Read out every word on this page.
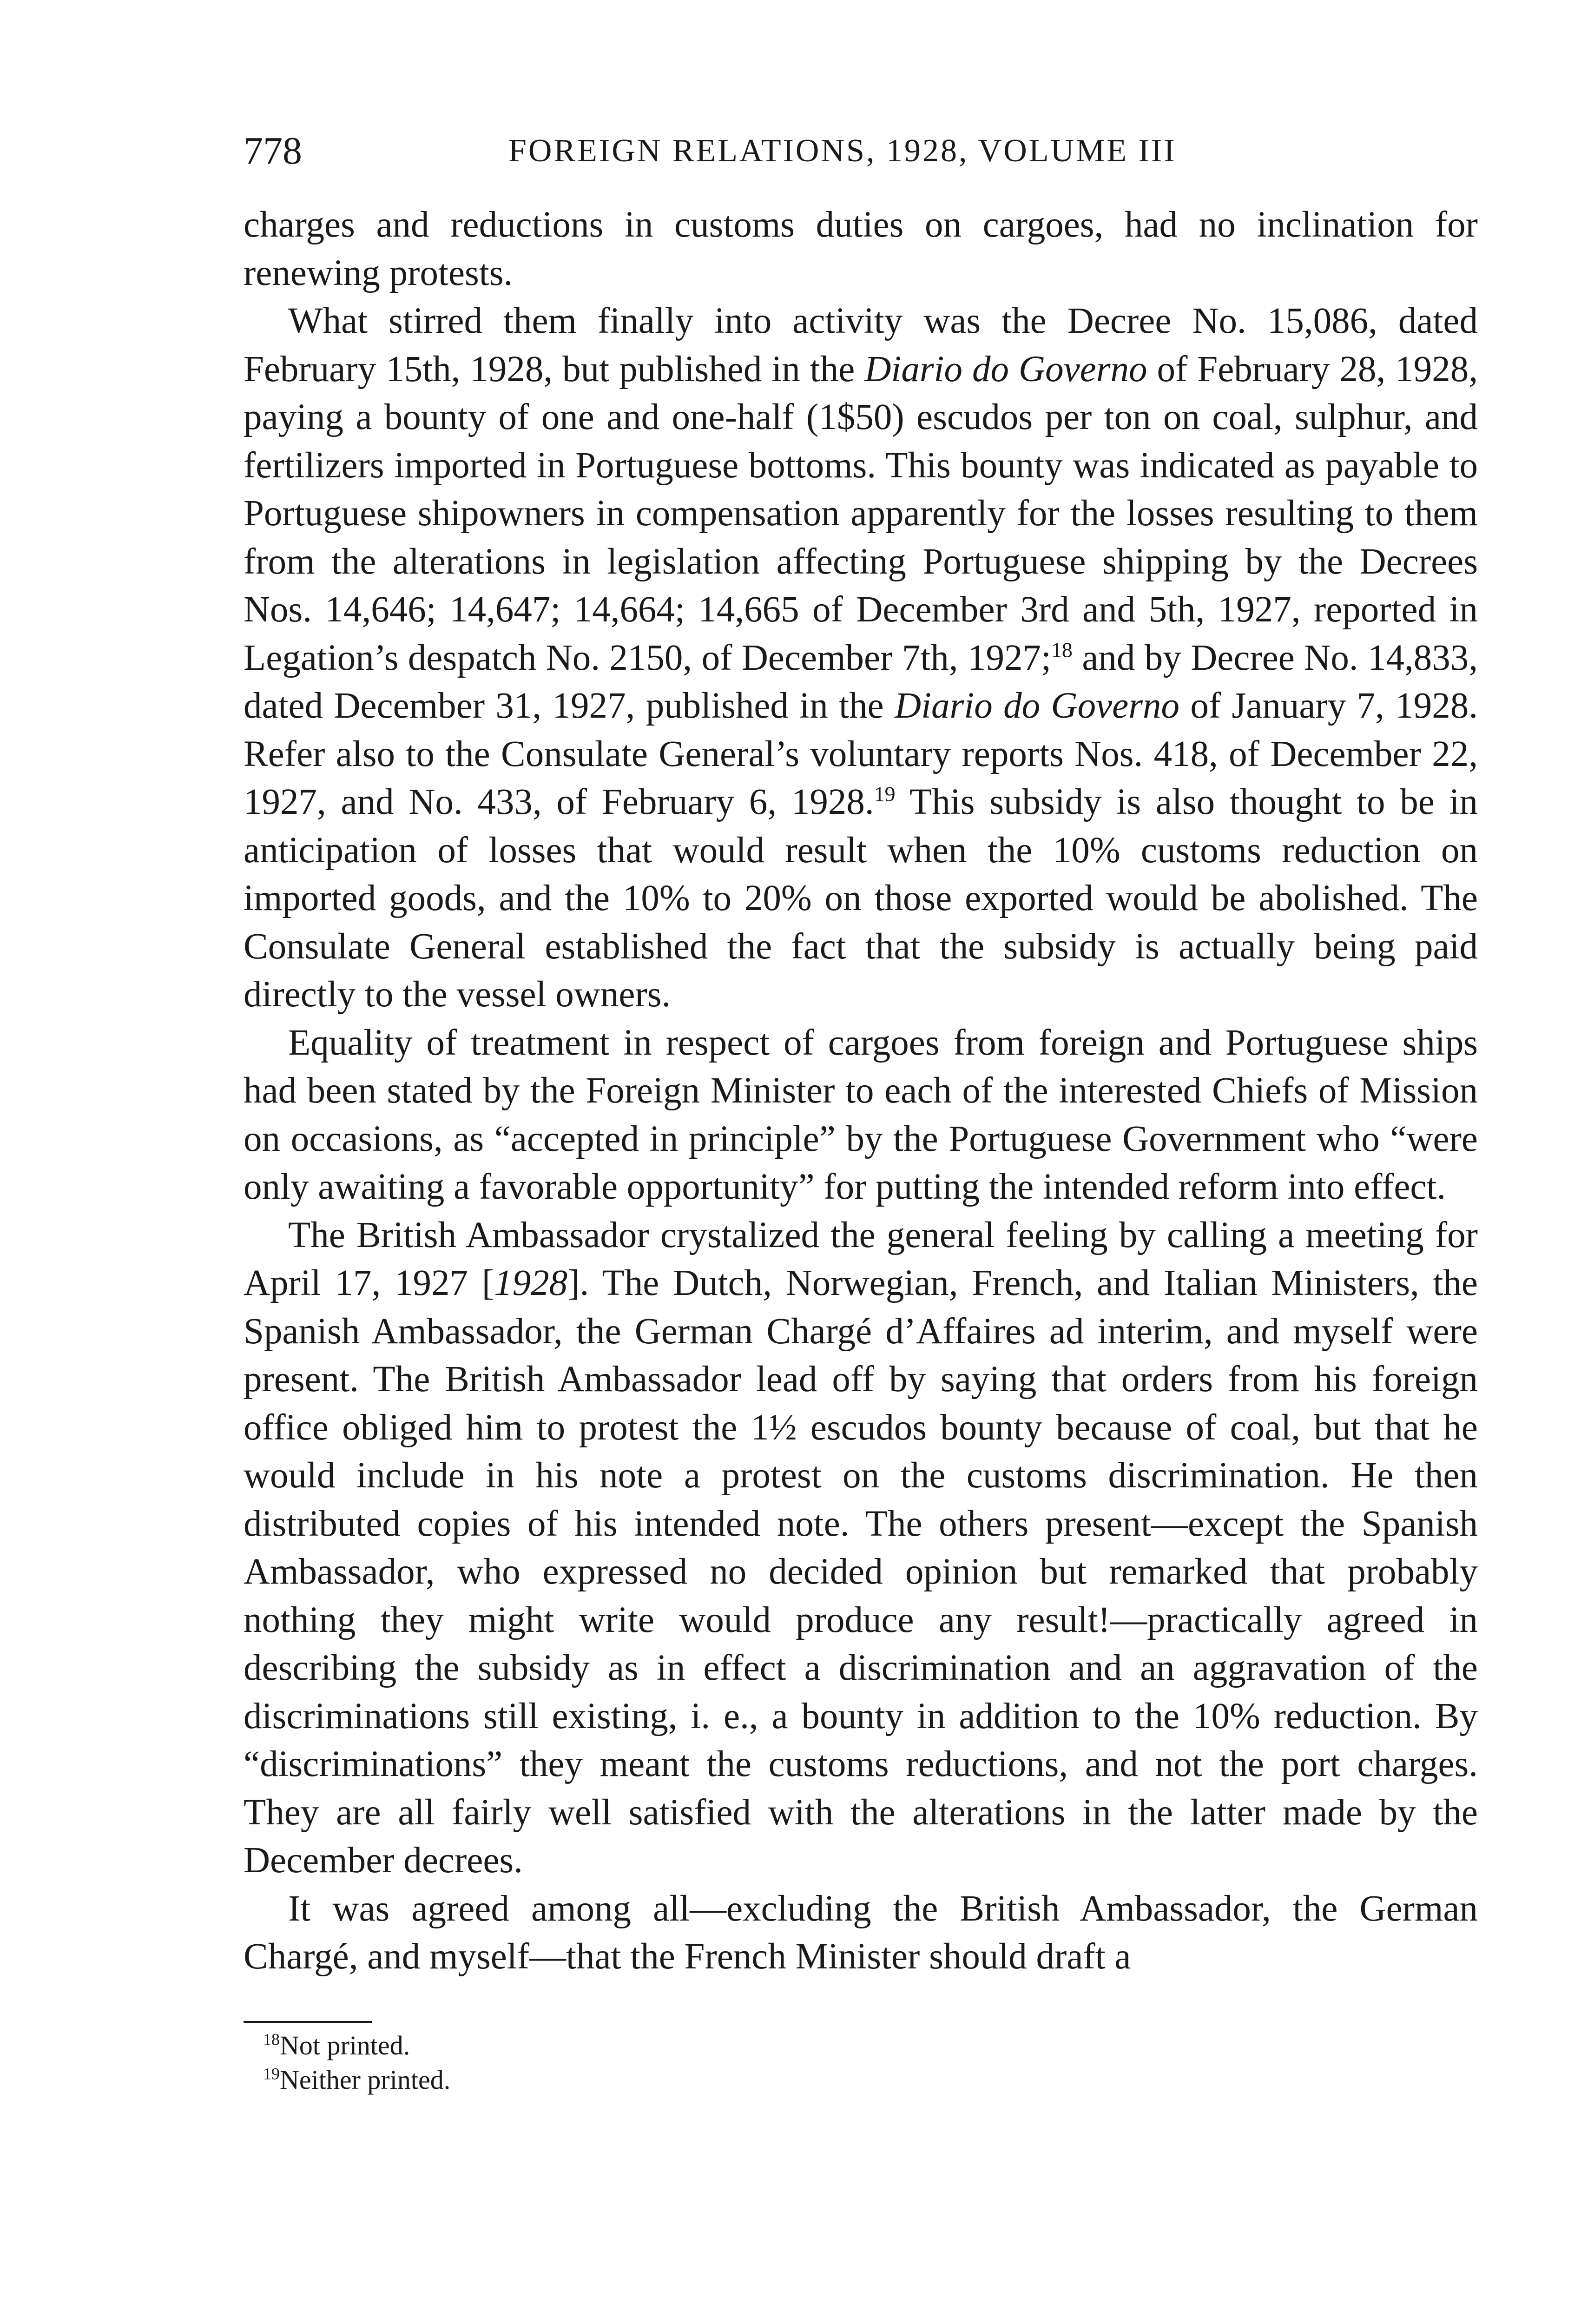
778	FOREIGN RELATIONS, 1928, VOLUME III

charges and reductions in customs duties on cargoes, had no inclination for renewing protests.

What stirred them finally into activity was the Decree No. 15,086, dated February 15th, 1928, but published in the Diario do Governo of February 28, 1928, paying a bounty of one and one-half (1$50) escudos per ton on coal, sulphur, and fertilizers imported in Portuguese bottoms. This bounty was indicated as payable to Portuguese shipowners in compensation apparently for the losses resulting to them from the alterations in legislation affecting Portuguese shipping by the Decrees Nos. 14,646; 14,647; 14,664; 14,665 of December 3rd and 5th, 1927, reported in Legation’s despatch No. 2150, of December 7th, 1927;$^{18}$ and by Decree No. 14,833, dated December 31, 1927, published in the Diario do Governo of January 7, 1928. Refer also to the Consulate General’s voluntary reports Nos. 418, of December 22, 1927, and No. 433, of February 6, 1928.19 This subsidy is also thought to be in anticipation of losses that would result when the 10% customs reduction on imported goods, and the 10% to 20% on those exported would be abolished. The Consulate General established the fact that the subsidy is actually being paid directly to the vessel owners.

Equality of treatment in respect of cargoes from foreign and Portuguese ships had been stated by the Foreign Minister to each of the interested Chiefs of Mission on occasions, as “accepted in principle” by the Portuguese Government who “were only awaiting a favorable opportunity” for putting the intended reform into effect.

The British Ambassador crystalized the general feeling by calling a meeting for April 17, 1927 [1928]. The Dutch, Norwegian, French, and Italian Ministers, the Spanish Ambassador, the German Chargé d’Affaires ad interim, and myself were present. The British Ambassador lead off by saying that orders from his foreign office obliged him to protest the 1½ escudos bounty because of coal, but that he would include in his note a protest on the customs discrimination. He then distributed copies of his intended note. The others present—except the Spanish Ambassador, who expressed no decided opinion but remarked that probably nothing they might write would produce any result!—practically agreed in describing the subsidy as in effect a discrimination and an aggravation of the discriminations still existing, i. e., a bounty in addition to the 10% reduction. By “discriminations” they meant the customs reductions, and not the port charges. They are all fairly well satisfied with the alterations in the latter made by the December decrees.

It was agreed among all—excluding the British Ambassador, the German Chargé, and myself—that the French Minister should draft a

$^{18}$Not printed.
$^{19}$Neither printed.
